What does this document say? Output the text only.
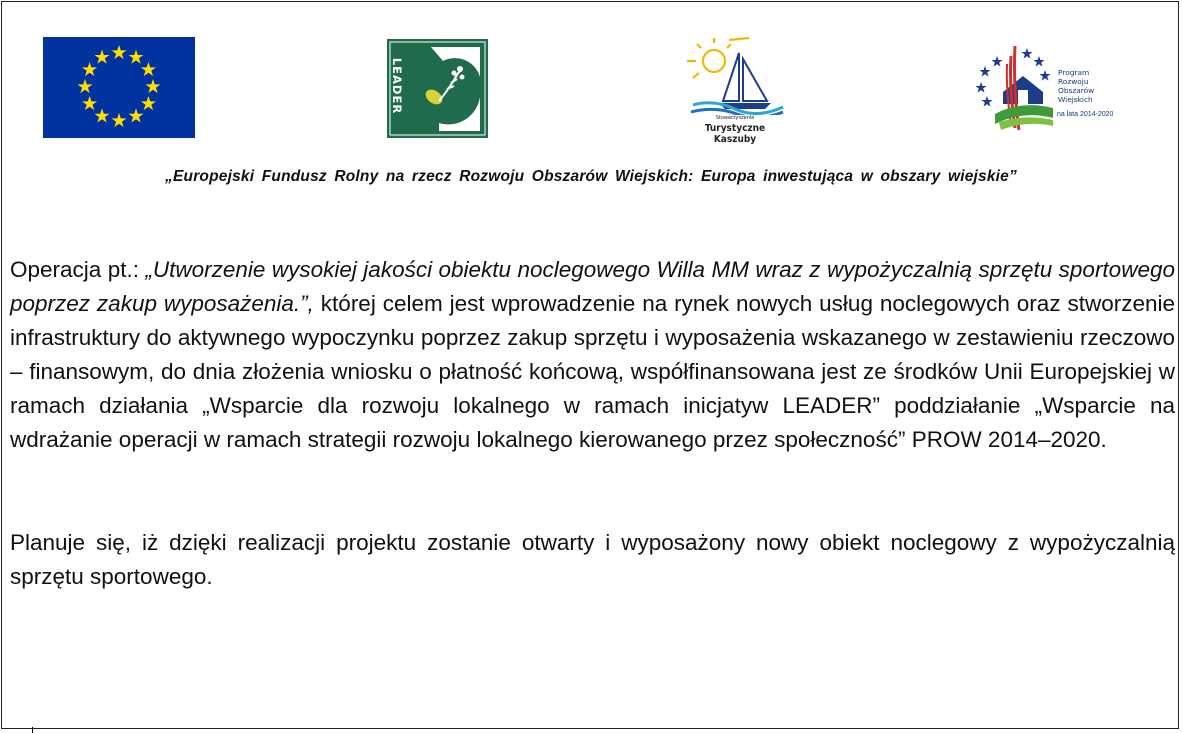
LEADER
Stowarzyszenie
Turystyczne Kaszuby
Program
Rozwoju
Obszarów
Wiejskich
na lata 2014-2020
„Europejski Fundusz Rolny na rzecz Rozwoju Obszarów Wiejskich: Europa inwestująca w obszary wiejskie”

Operacja pt.: „Utworzenie wysokiej jakości obiektu noclegowego Willa MM wraz z wypożyczalnią sprzętu sportowego poprzez zakup wyposażenia.”, której celem jest wprowadzenie na rynek nowych usług noclegowych oraz stworzenie infrastruktury do aktywnego wypoczynku poprzez zakup sprzętu i wyposażenia wskazanego w zestawieniu rzeczowo – finansowym, do dnia złożenia wniosku o płatność końcową, współfinansowana jest ze środków Unii Europejskiej w ramach działania „Wsparcie dla rozwoju lokalnego w ramach inicjatyw LEADER” poddziałanie „Wsparcie na wdrażanie operacji w ramach strategii rozwoju lokalnego kierowanego przez społeczność” PROW 2014–2020.

Planuje się, iż dzięki realizacji projektu zostanie otwarty i wyposażony nowy obiekt noclegowy z wypożyczalnią sprzętu sportowego.
